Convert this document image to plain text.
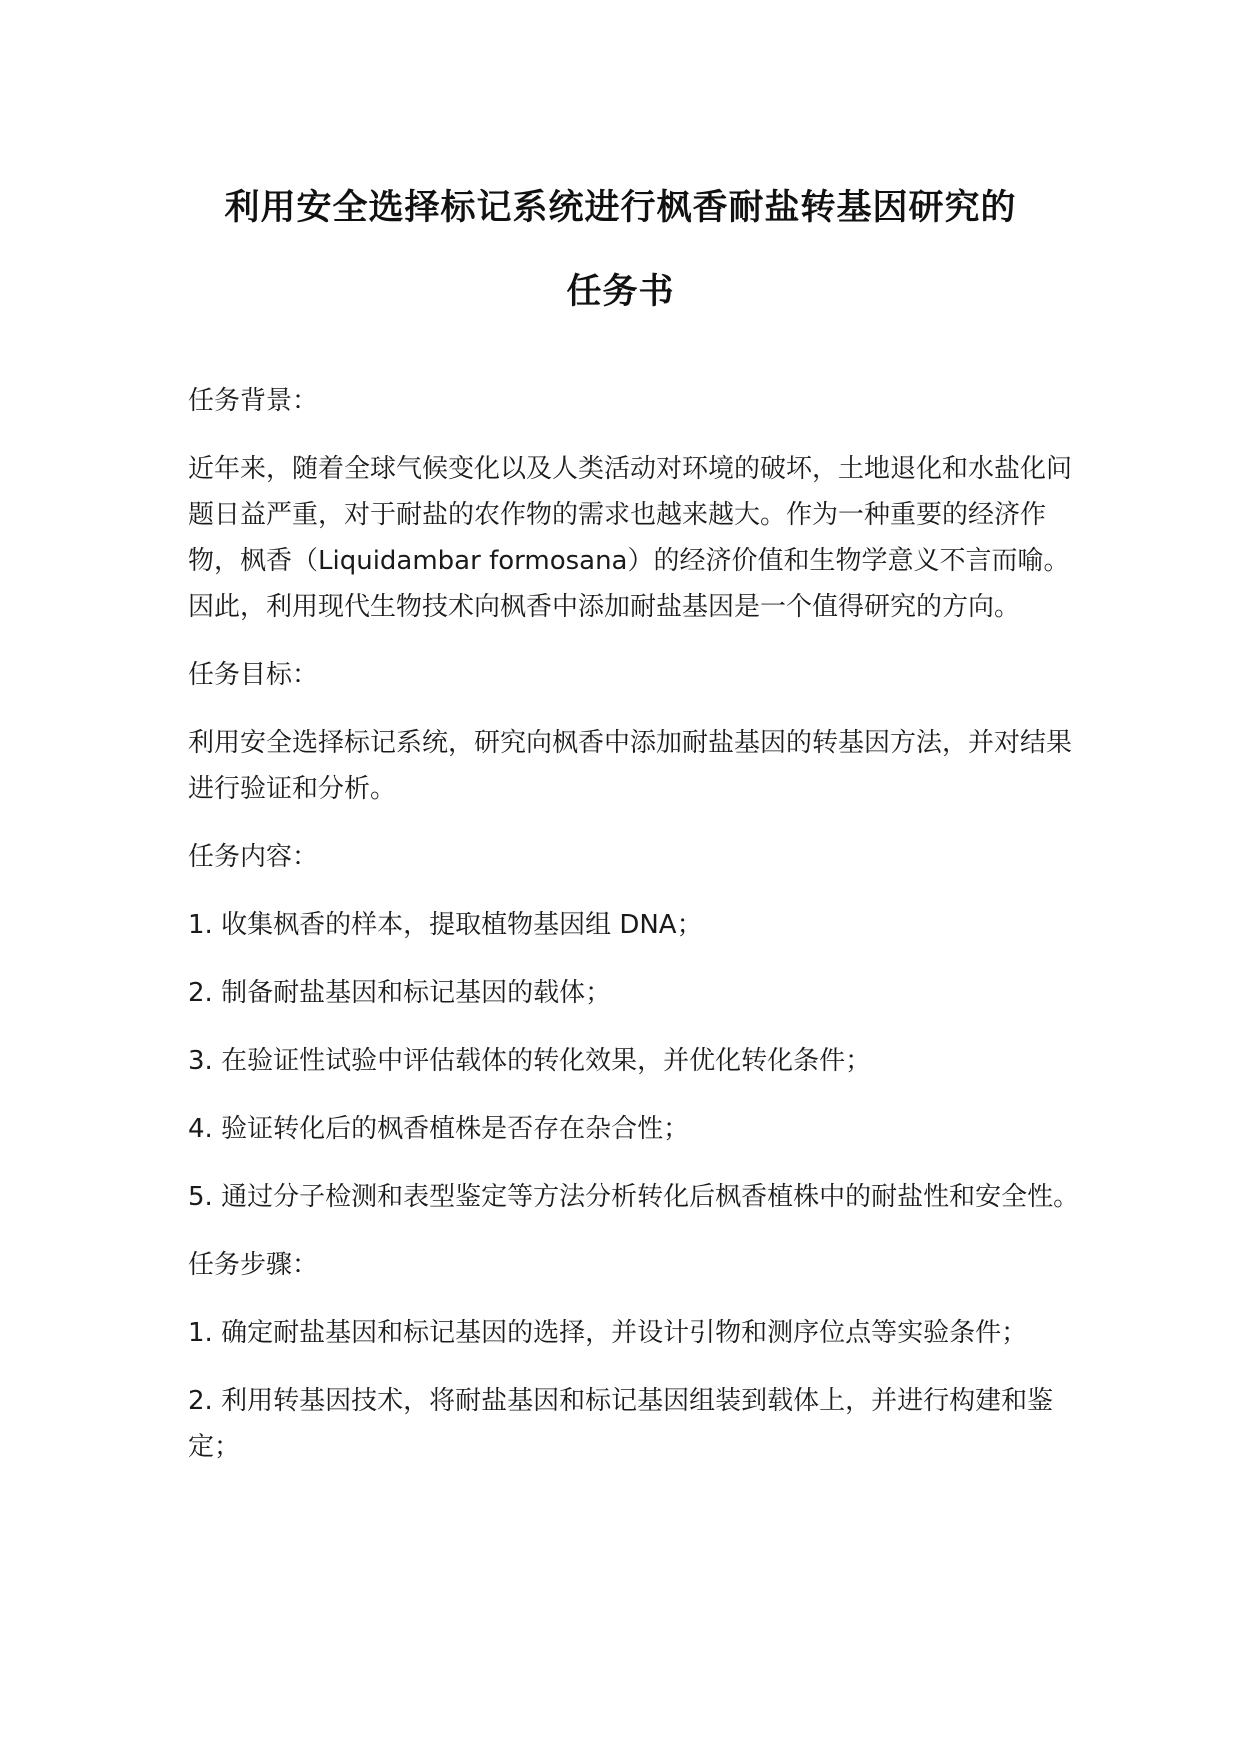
利用安全选择标记系统进行枫香耐盐转基因研究的
任务书

任务背景：

近年来，随着全球气候变化以及人类活动对环境的破坏，土地退化和水盐化问题日益严重，对于耐盐的农作物的需求也越来越大。作为一种重要的经济作物，枫香（Liquidambar formosana）的经济价值和生物学意义不言而喻。因此，利用现代生物技术向枫香中添加耐盐基因是一个值得研究的方向。

任务目标：

利用安全选择标记系统，研究向枫香中添加耐盐基因的转基因方法，并对结果进行验证和分析。

任务内容：

1. 收集枫香的样本，提取植物基因组 DNA；

2. 制备耐盐基因和标记基因的载体；

3. 在验证性试验中评估载体的转化效果，并优化转化条件；

4. 验证转化后的枫香植株是否存在杂合性；

5. 通过分子检测和表型鉴定等方法分析转化后枫香植株中的耐盐性和安全性。

任务步骤：

1. 确定耐盐基因和标记基因的选择，并设计引物和测序位点等实验条件；

2. 利用转基因技术，将耐盐基因和标记基因组装到载体上，并进行构建和鉴定；
